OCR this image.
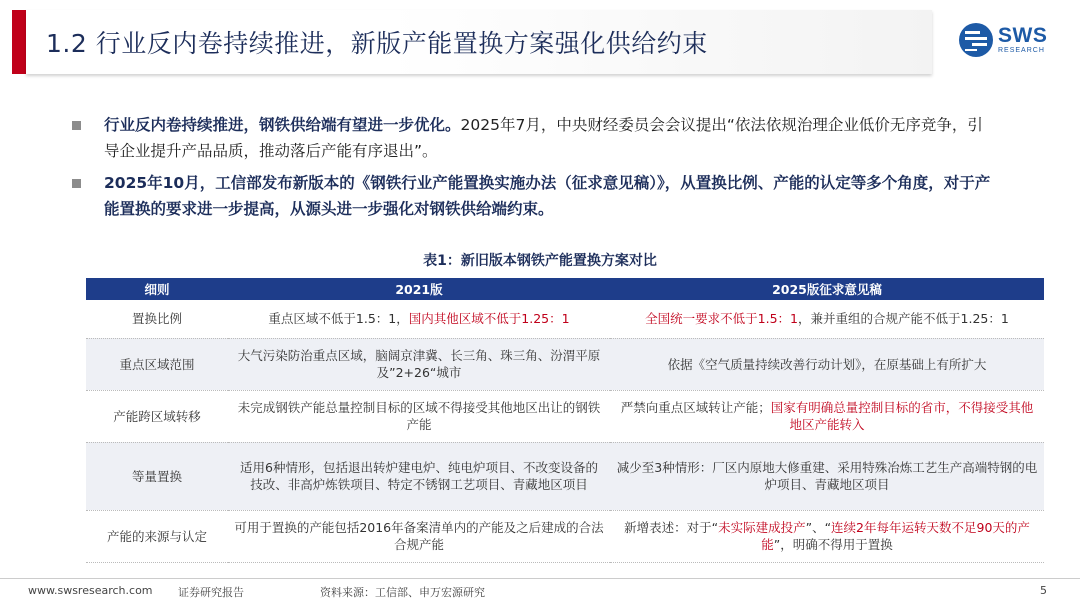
1.2 行业反内卷持续推进，新版产能置换方案强化供给约束	SWS
RESEARCH
行业反内卷持续推进，钢铁供给端有望进一步优化。2025年7月，中央财经委员会会议提出“依法依规治理企业低价无序竞争，引导企业提升产品品质，推动落后产能有序退出”。
2025年10月，工信部发布新版本的《钢铁行业产能置换实施办法（征求意见稿）》，从置换比例、产能的认定等多个角度，对于产能置换的要求进一步提高，从源头进一步强化对钢铁供给端约束。
表1：新旧版本钢铁产能置换方案对比
细则	2021版	2025版征求意见稿
置换比例	重点区域不低于1.5：1，国内其他区域不低于1.25：1	全国统一要求不低于1.5：1，兼并重组的合规产能不低于1.25：1
重点区域范围	大气污染防治重点区域，脑阔京津冀、长三角、珠三角、汾渭平原及”2+26“城市	依据《空气质量持续改善行动计划》，在原基础上有所扩大
产能跨区域转移	未完成钢铁产能总量控制目标的区域不得接受其他地区出让的钢铁产能	严禁向重点区域转让产能；国家有明确总量控制目标的省市，不得接受其他地区产能转入
等量置换	适用6种情形，包括退出转炉建电炉、纯电炉项目、不改变设备的技改、非高炉炼铁项目、特定不锈钢工艺项目、青藏地区项目	减少至3种情形：厂区内原地大修重建、采用特殊冶炼工艺生产高端特钢的电炉项目、青藏地区项目
产能的来源与认定	可用于置换的产能包括2016年备案清单内的产能及之后建成的合法合规产能	新增表述：对于“未实际建成投产”、“连续2年每年运转天数不足90天的产能”，明确不得用于置换
www.swsresearch.com 证券研究报告	资料来源：工信部、申万宏源研究	5
